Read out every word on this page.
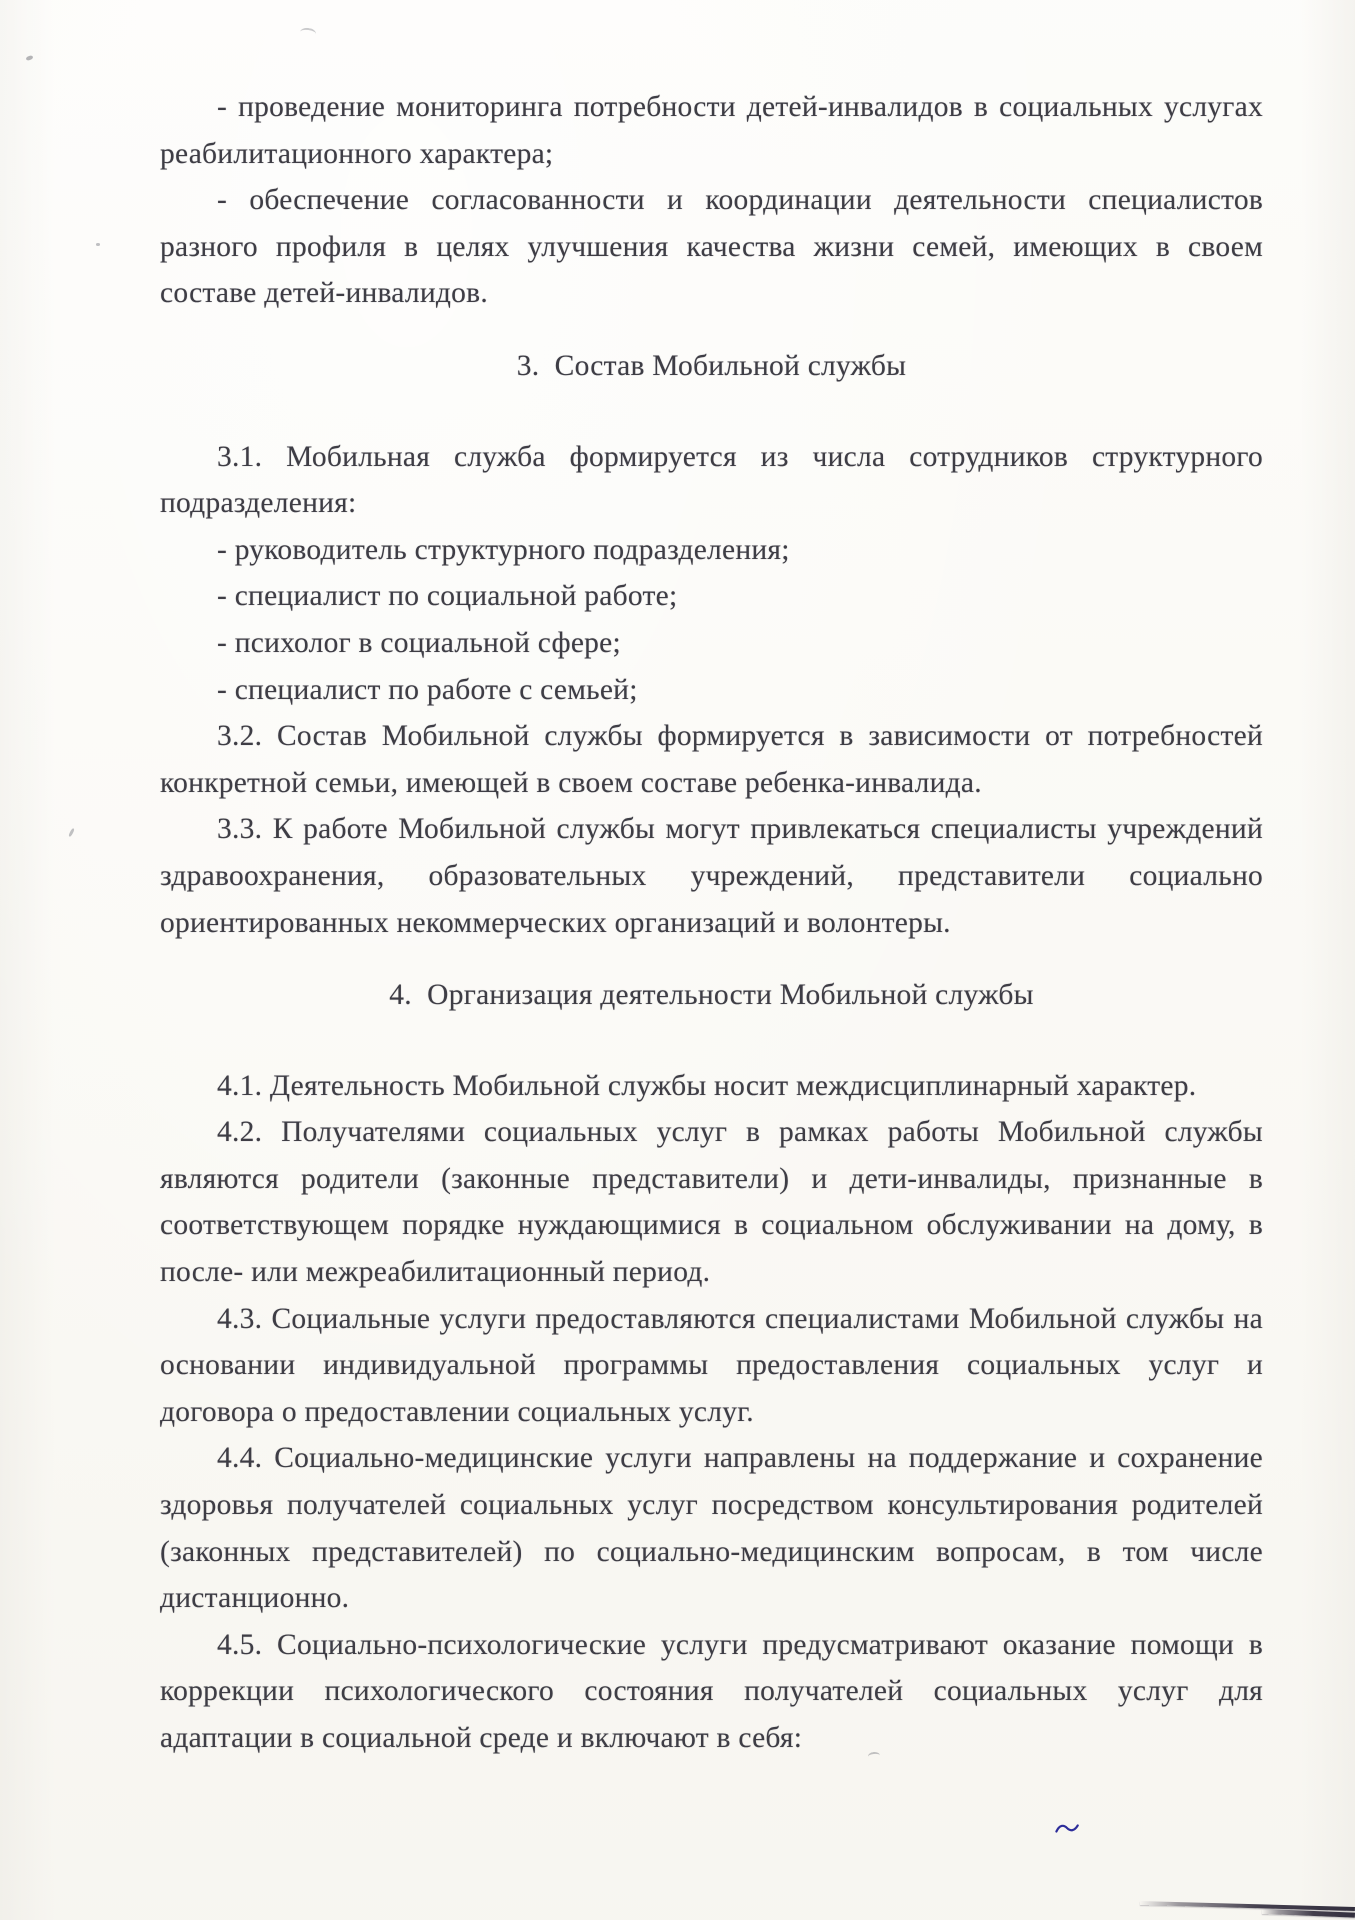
- проведение мониторинга потребности детей-инвалидов в социальных услугах реабилитационного характера;

- обеспечение согласованности и координации деятельности специалистов разного профиля в целях улучшения качества жизни семей, имеющих в своем составе детей-инвалидов.

3.  Состав Мобильной службы

3.1. Мобильная служба формируется из числа сотрудников структурного подразделения:

- руководитель структурного подразделения;

- специалист по социальной работе;

- психолог в социальной сфере;

- специалист по работе с семьей;

3.2. Состав Мобильной службы формируется в зависимости от потребностей конкретной семьи, имеющей в своем составе ребенка-инвалида.

3.3. К работе Мобильной службы могут привлекаться специалисты учреждений здравоохранения, образовательных учреждений, представители социально ориентированных некоммерческих организаций и волонтеры.

4.  Организация деятельности Мобильной службы

4.1. Деятельность Мобильной службы носит междисциплинарный характер.

4.2. Получателями социальных услуг в рамках работы Мобильной службы являются родители (законные представители) и дети-инвалиды, признанные в соответствующем порядке нуждающимися в социальном обслуживании на дому, в после- или межреабилитационный период.

4.3. Социальные услуги предоставляются специалистами Мобильной службы на основании индивидуальной программы предоставления социальных услуг и договора о предоставлении социальных услуг.

4.4. Социально-медицинские услуги направлены на поддержание и сохранение здоровья получателей социальных услуг посредством консультирования родителей (законных представителей) по социально-медицинским вопросам, в том числе дистанционно.

4.5. Социально-психологические услуги предусматривают оказание помощи в коррекции психологического состояния получателей социальных услуг для адаптации в социальной среде и включают в себя:
